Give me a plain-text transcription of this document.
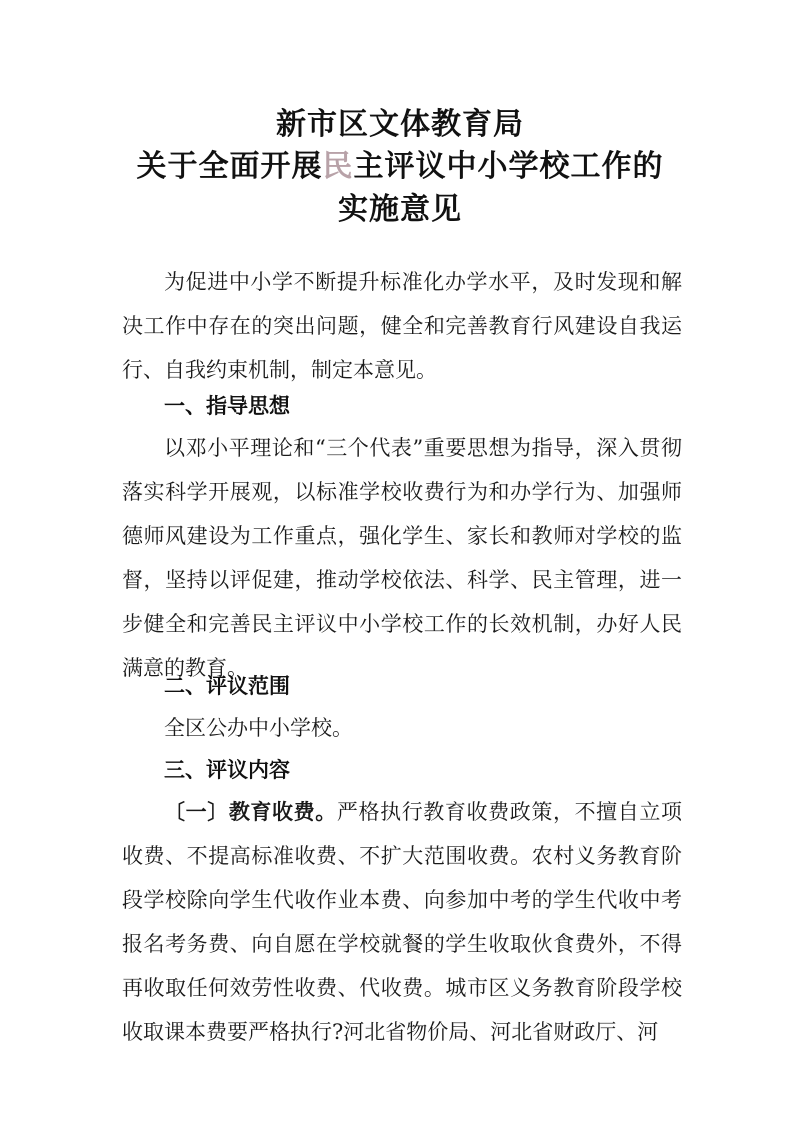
新市区文体教育局
关于全面开展民主评议中小学校工作的
实施意见
为促进中小学不断提升标准化办学水平，及时发现和解决工作中存在的突出问题，健全和完善教育行风建设自我运行、自我约束机制，制定本意见。
一、指导思想
以邓小平理论和“三个代表”重要思想为指导，深入贯彻落实科学开展观，以标准学校收费行为和办学行为、加强师德师风建设为工作重点，强化学生、家长和教师对学校的监督，坚持以评促建，推动学校依法、科学、民主管理，进一步健全和完善民主评议中小学校工作的长效机制，办好人民满意的教育。
二、评议范围
全区公办中小学校。
三、评议内容
〔一〕教育收费。严格执行教育收费政策，不擅自立项收费、不提高标准收费、不扩大范围收费。农村义务教育阶段学校除向学生代收作业本费、向参加中考的学生代收中考报名考务费、向自愿在学校就餐的学生收取伙食费外，不得再收取任何效劳性收费、代收费。城市区义务教育阶段学校收取课本费要严格执行?河北省物价局、河北省财政厅、河
